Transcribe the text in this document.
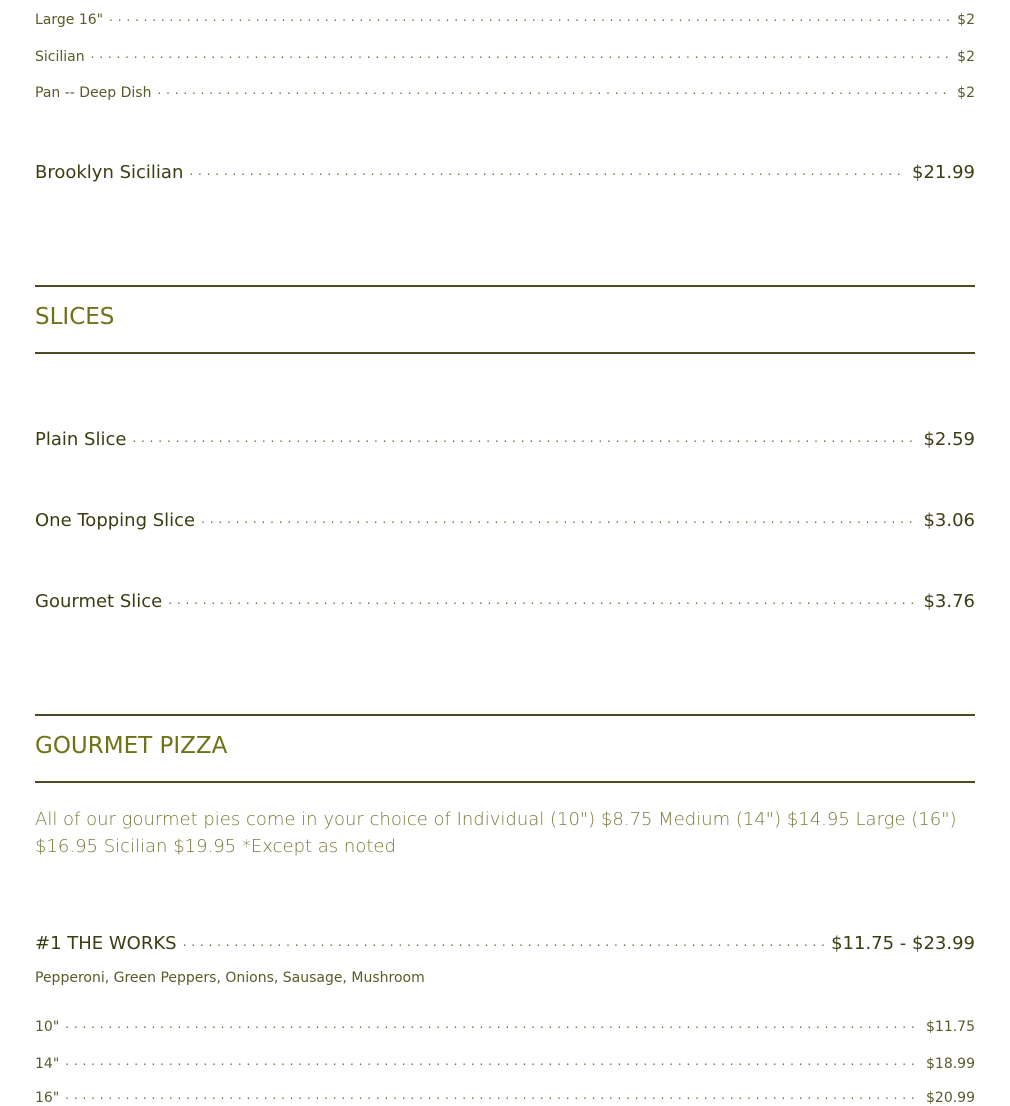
Large 16" . . .	$2
Sicilian . . .	$2
Pan -- Deep Dish . . .	$2
Brooklyn Sicilian . . .	$21.99
SLICES
Plain Slice . . .	$2.59
One Topping Slice . . .	$3.06
Gourmet Slice . . .	$3.76
GOURMET PIZZA
All of our gourmet pies come in your choice of Individual (10") $8.75 Medium (14") $14.95 Large (16") $16.95 Sicilian $19.95 *Except as noted
#1 THE WORKS . . .	$11.75 - $23.99
Pepperoni, Green Peppers, Onions, Sausage, Mushroom
10" . . .	$11.75
14" . . .	$18.99
16" . . .	$20.99
